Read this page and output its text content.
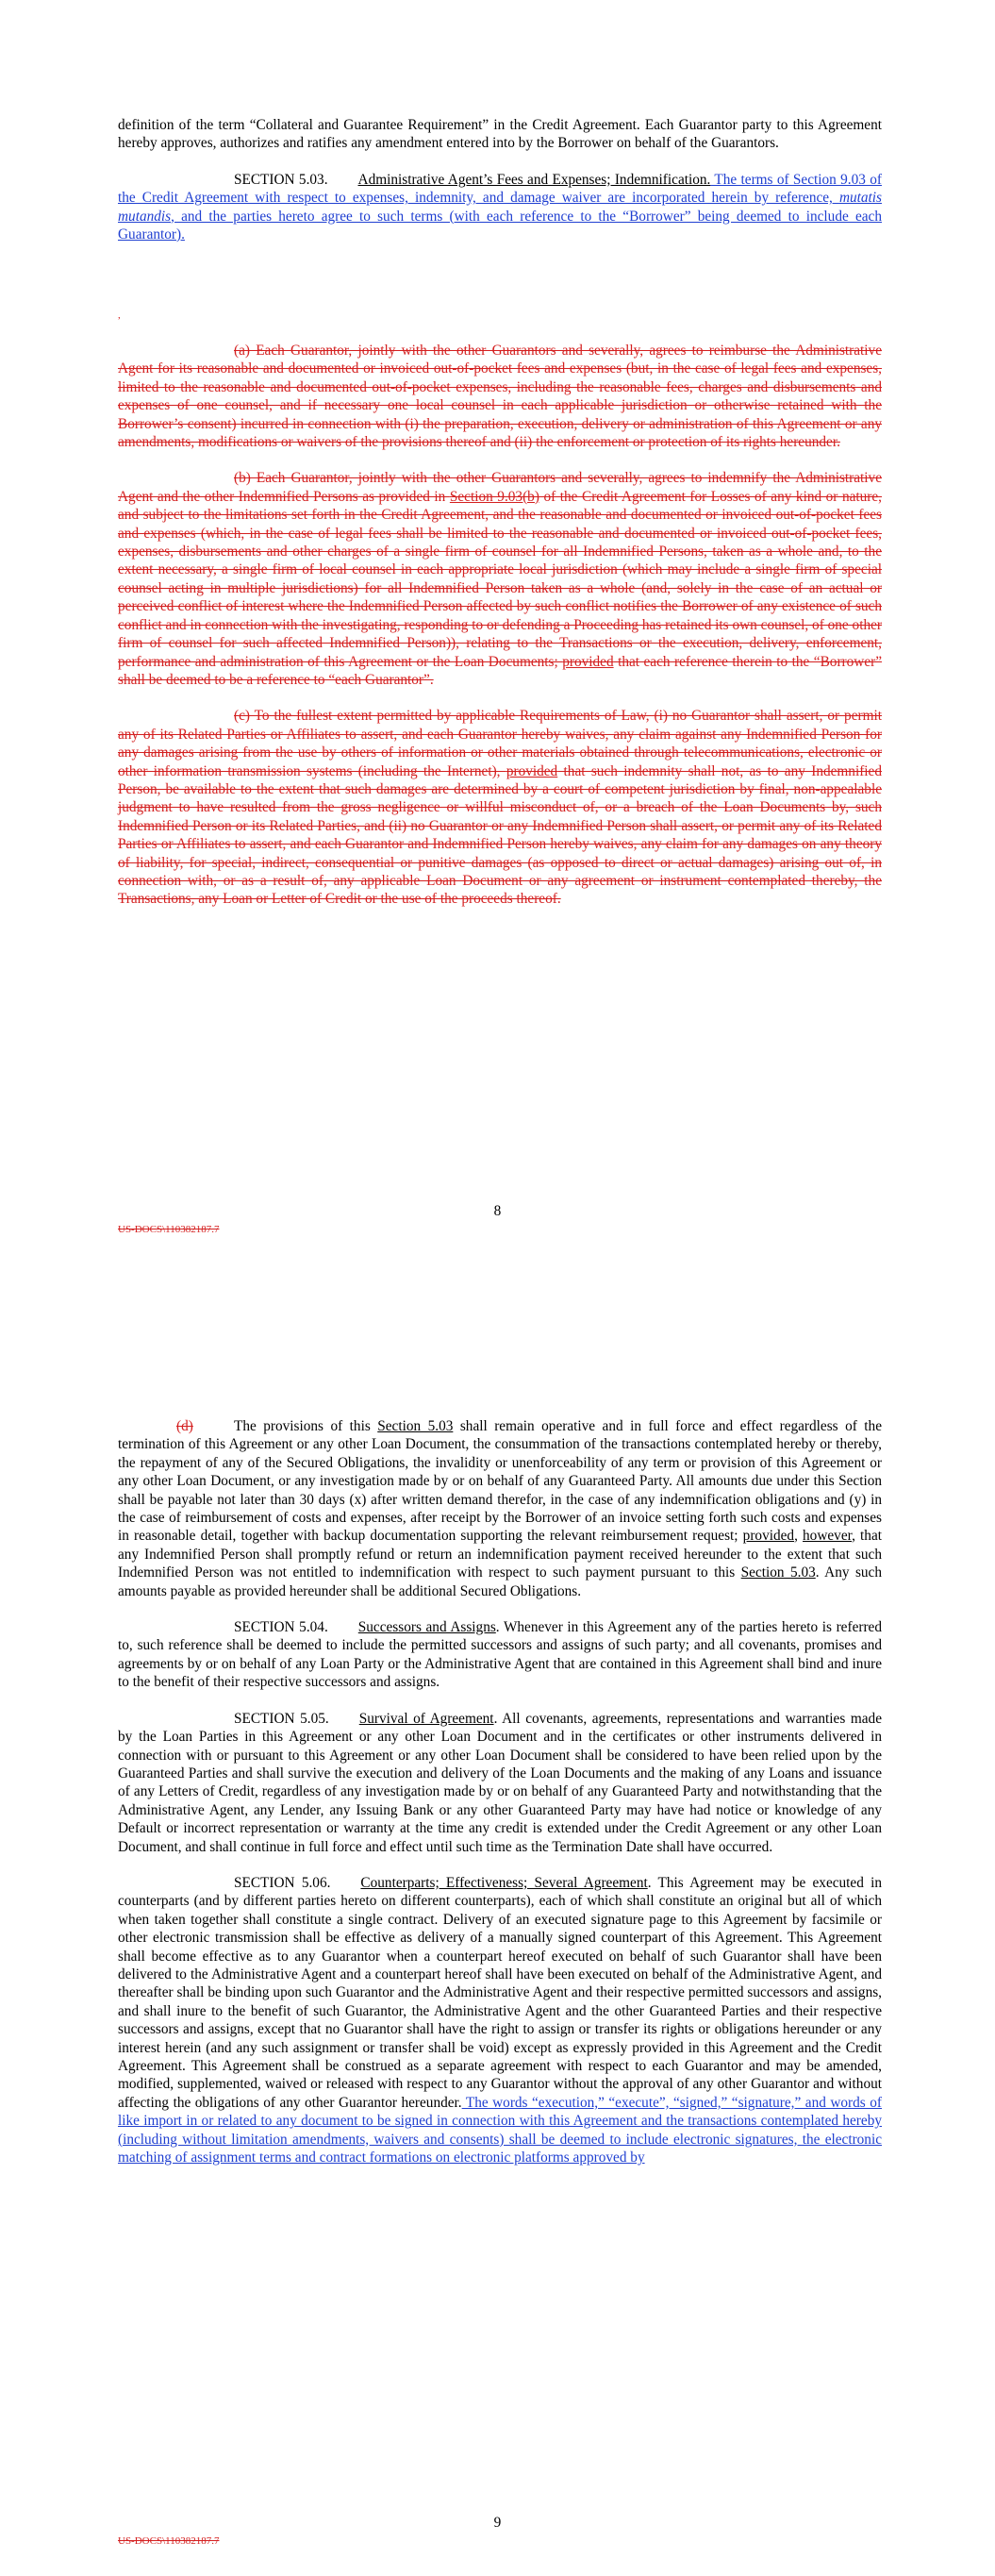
definition of the term “Collateral and Guarantee Requirement” in the Credit Agreement. Each Guarantor party to this Agreement hereby approves, authorizes and ratifies any amendment entered into by the Borrower on behalf of the Guarantors.

SECTION 5.03. Administrative Agent’s Fees and Expenses; Indemnification. The terms of Section 9.03 of the Credit Agreement with respect to expenses, indemnity, and damage waiver are incorporated herein by reference, mutatis mutandis, and the parties hereto agree to such terms (with each reference to the “Borrower” being deemed to include each Guarantor).

,

(a) Each Guarantor, jointly with the other Guarantors and severally, agrees to reimburse the Administrative Agent for its reasonable and documented or invoiced out-of-pocket fees and expenses (but, in the case of legal fees and expenses, limited to the reasonable and documented out-of-pocket expenses, including the reasonable fees, charges and disbursements and expenses of one counsel, and if necessary one local counsel in each applicable jurisdiction or otherwise retained with the Borrower’s consent) incurred in connection with (i) the preparation, execution, delivery or administration of this Agreement or any amendments, modifications or waivers of the provisions thereof and (ii) the enforcement or protection of its rights hereunder.

(b) Each Guarantor, jointly with the other Guarantors and severally, agrees to indemnify the Administrative Agent and the other Indemnified Persons as provided in Section 9.03(b) of the Credit Agreement for Losses of any kind or nature, and subject to the limitations set forth in the Credit Agreement, and the reasonable and documented or invoiced out-of-pocket fees and expenses (which, in the case of legal fees shall be limited to the reasonable and documented or invoiced out-of-pocket fees, expenses, disbursements and other charges of a single firm of counsel for all Indemnified Persons, taken as a whole and, to the extent necessary, a single firm of local counsel in each appropriate local jurisdiction (which may include a single firm of special counsel acting in multiple jurisdictions) for all Indemnified Person taken as a whole (and, solely in the case of an actual or perceived conflict of interest where the Indemnified Person affected by such conflict notifies the Borrower of any existence of such conflict and in connection with the investigating, responding to or defending a Proceeding has retained its own counsel, of one other firm of counsel for such affected Indemnified Person)), relating to the Transactions or the execution, delivery, enforcement, performance and administration of this Agreement or the Loan Documents; provided that each reference therein to the “Borrower” shall be deemed to be a reference to “each Guarantor”.

(c) To the fullest extent permitted by applicable Requirements of Law, (i) no Guarantor shall assert, or permit any of its Related Parties or Affiliates to assert, and each Guarantor hereby waives, any claim against any Indemnified Person for any damages arising from the use by others of information or other materials obtained through telecommunications, electronic or other information transmission systems (including the Internet), provided that such indemnity shall not, as to any Indemnified Person, be available to the extent that such damages are determined by a court of competent jurisdiction by final, non-appealable judgment to have resulted from the gross negligence or willful misconduct of, or a breach of the Loan Documents by, such Indemnified Person or its Related Parties, and (ii) no Guarantor or any Indemnified Person shall assert, or permit any of its Related Parties or Affiliates to assert, and each Guarantor and Indemnified Person hereby waives, any claim for any damages on any theory of liability, for special, indirect, consequential or punitive damages (as opposed to direct or actual damages) arising out of, in connection with, or as a result of, any applicable Loan Document or any agreement or instrument contemplated thereby, the Transactions, any Loan or Letter of Credit or the use of the proceeds thereof.

8
US-DOCS\110382187.7

(d)	The provisions of this Section 5.03 shall remain operative and in full force and effect regardless of the termination of this Agreement or any other Loan Document, the consummation of the transactions contemplated hereby or thereby, the repayment of any of the Secured Obligations, the invalidity or unenforceability of any term or provision of this Agreement or any other Loan Document, or any investigation made by or on behalf of any Guaranteed Party. All amounts due under this Section shall be payable not later than 30 days (x) after written demand therefor, in the case of any indemnification obligations and (y) in the case of reimbursement of costs and expenses, after receipt by the Borrower of an invoice setting forth such costs and expenses in reasonable detail, together with backup documentation supporting the relevant reimbursement request; provided, however, that any Indemnified Person shall promptly refund or return an indemnification payment received hereunder to the extent that such Indemnified Person was not entitled to indemnification with respect to such payment pursuant to this Section 5.03. Any such amounts payable as provided hereunder shall be additional Secured Obligations.

SECTION 5.04. Successors and Assigns. Whenever in this Agreement any of the parties hereto is referred to, such reference shall be deemed to include the permitted successors and assigns of such party; and all covenants, promises and agreements by or on behalf of any Loan Party or the Administrative Agent that are contained in this Agreement shall bind and inure to the benefit of their respective successors and assigns.

SECTION 5.05. Survival of Agreement. All covenants, agreements, representations and warranties made by the Loan Parties in this Agreement or any other Loan Document and in the certificates or other instruments delivered in connection with or pursuant to this Agreement or any other Loan Document shall be considered to have been relied upon by the Guaranteed Parties and shall survive the execution and delivery of the Loan Documents and the making of any Loans and issuance of any Letters of Credit, regardless of any investigation made by or on behalf of any Guaranteed Party and notwithstanding that the Administrative Agent, any Lender, any Issuing Bank or any other Guaranteed Party may have had notice or knowledge of any Default or incorrect representation or warranty at the time any credit is extended under the Credit Agreement or any other Loan Document, and shall continue in full force and effect until such time as the Termination Date shall have occurred.

SECTION 5.06. Counterparts; Effectiveness; Several Agreement. This Agreement may be executed in counterparts (and by different parties hereto on different counterparts), each of which shall constitute an original but all of which when taken together shall constitute a single contract. Delivery of an executed signature page to this Agreement by facsimile or other electronic transmission shall be effective as delivery of a manually signed counterpart of this Agreement. This Agreement shall become effective as to any Guarantor when a counterpart hereof executed on behalf of such Guarantor shall have been delivered to the Administrative Agent and a counterpart hereof shall have been executed on behalf of the Administrative Agent, and thereafter shall be binding upon such Guarantor and the Administrative Agent and their respective permitted successors and assigns, and shall inure to the benefit of such Guarantor, the Administrative Agent and the other Guaranteed Parties and their respective successors and assigns, except that no Guarantor shall have the right to assign or transfer its rights or obligations hereunder or any interest herein (and any such assignment or transfer shall be void) except as expressly provided in this Agreement and the Credit Agreement. This Agreement shall be construed as a separate agreement with respect to each Guarantor and may be amended, modified, supplemented, waived or released with respect to any Guarantor without the approval of any other Guarantor and without affecting the obligations of any other Guarantor hereunder. The words “execution,” “execute”, “signed,” “signature,” and words of like import in or related to any document to be signed in connection with this Agreement and the transactions contemplated hereby (including without limitation amendments, waivers and consents) shall be deemed to include electronic signatures, the electronic matching of assignment terms and contract formations on electronic platforms approved by

9
US-DOCS\110382187.7
